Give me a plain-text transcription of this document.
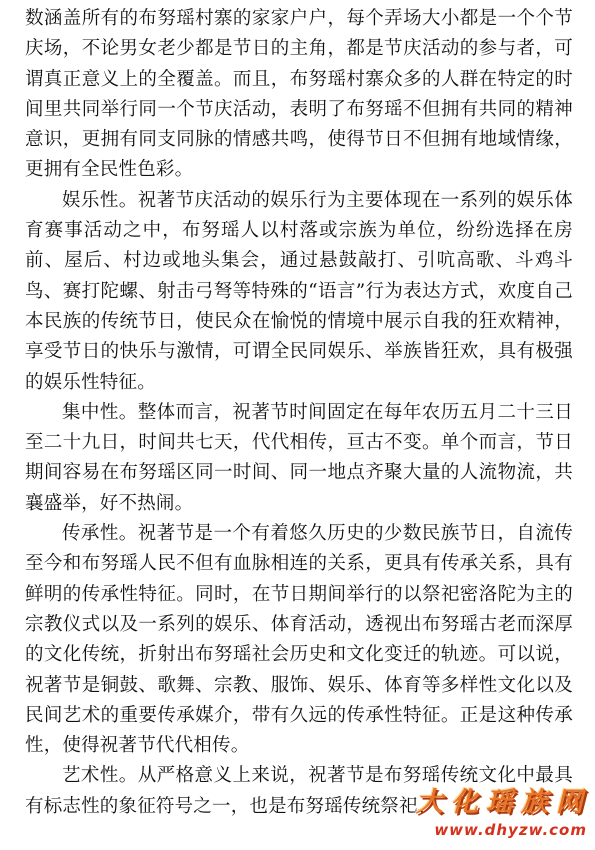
数涵盖所有的布努瑶村寨的家家户户，每个弄场大小都是一个个节庆场，不论男女老少都是节日的主角，都是节庆活动的参与者，可谓真正意义上的全覆盖。而且，布努瑶村寨众多的人群在特定的时间里共同举行同一个节庆活动，表明了布努瑶不但拥有共同的精神意识，更拥有同支同脉的情感共鸣，使得节日不但拥有地域情缘，更拥有全民性色彩。

娱乐性。祝著节庆活动的娱乐行为主要体现在一系列的娱乐体育赛事活动之中，布努瑶人以村落或宗族为单位，纷纷选择在房前、屋后、村边或地头集会，通过悬鼓敲打、引吭高歌、斗鸡斗鸟、赛打陀螺、射击弓弩等特殊的“语言”行为表达方式，欢度自己本民族的传统节日，使民众在愉悦的情境中展示自我的狂欢精神，享受节日的快乐与激情，可谓全民同娱乐、举族皆狂欢，具有极强的娱乐性特征。

集中性。整体而言，祝著节时间固定在每年农历五月二十三日至二十九日，时间共七天，代代相传，亘古不变。单个而言，节日期间容易在布努瑶区同一时间、同一地点齐聚大量的人流物流，共襄盛举，好不热闹。

传承性。祝著节是一个有着悠久历史的少数民族节日，自流传至今和布努瑶人民不但有血脉相连的关系，更具有传承关系，具有鲜明的传承性特征。同时，在节日期间举行的以祭祀密洛陀为主的宗教仪式以及一系列的娱乐、体育活动，透视出布努瑶古老而深厚的文化传统，折射出布努瑶社会历史和文化变迁的轨迹。可以说，祝著节是铜鼓、歌舞、宗教、服饰、娱乐、体育等多样性文化以及民间艺术的重要传承媒介，带有久远的传承性特征。正是这种传承性，使得祝著节代代相传。

艺术性。从严格意义上来说，祝著节是布努瑶传统文化中最具有标志性的象征符号之一，也是布努瑶传统祭祀、

大化瑶族网
www.dhyzw.com
